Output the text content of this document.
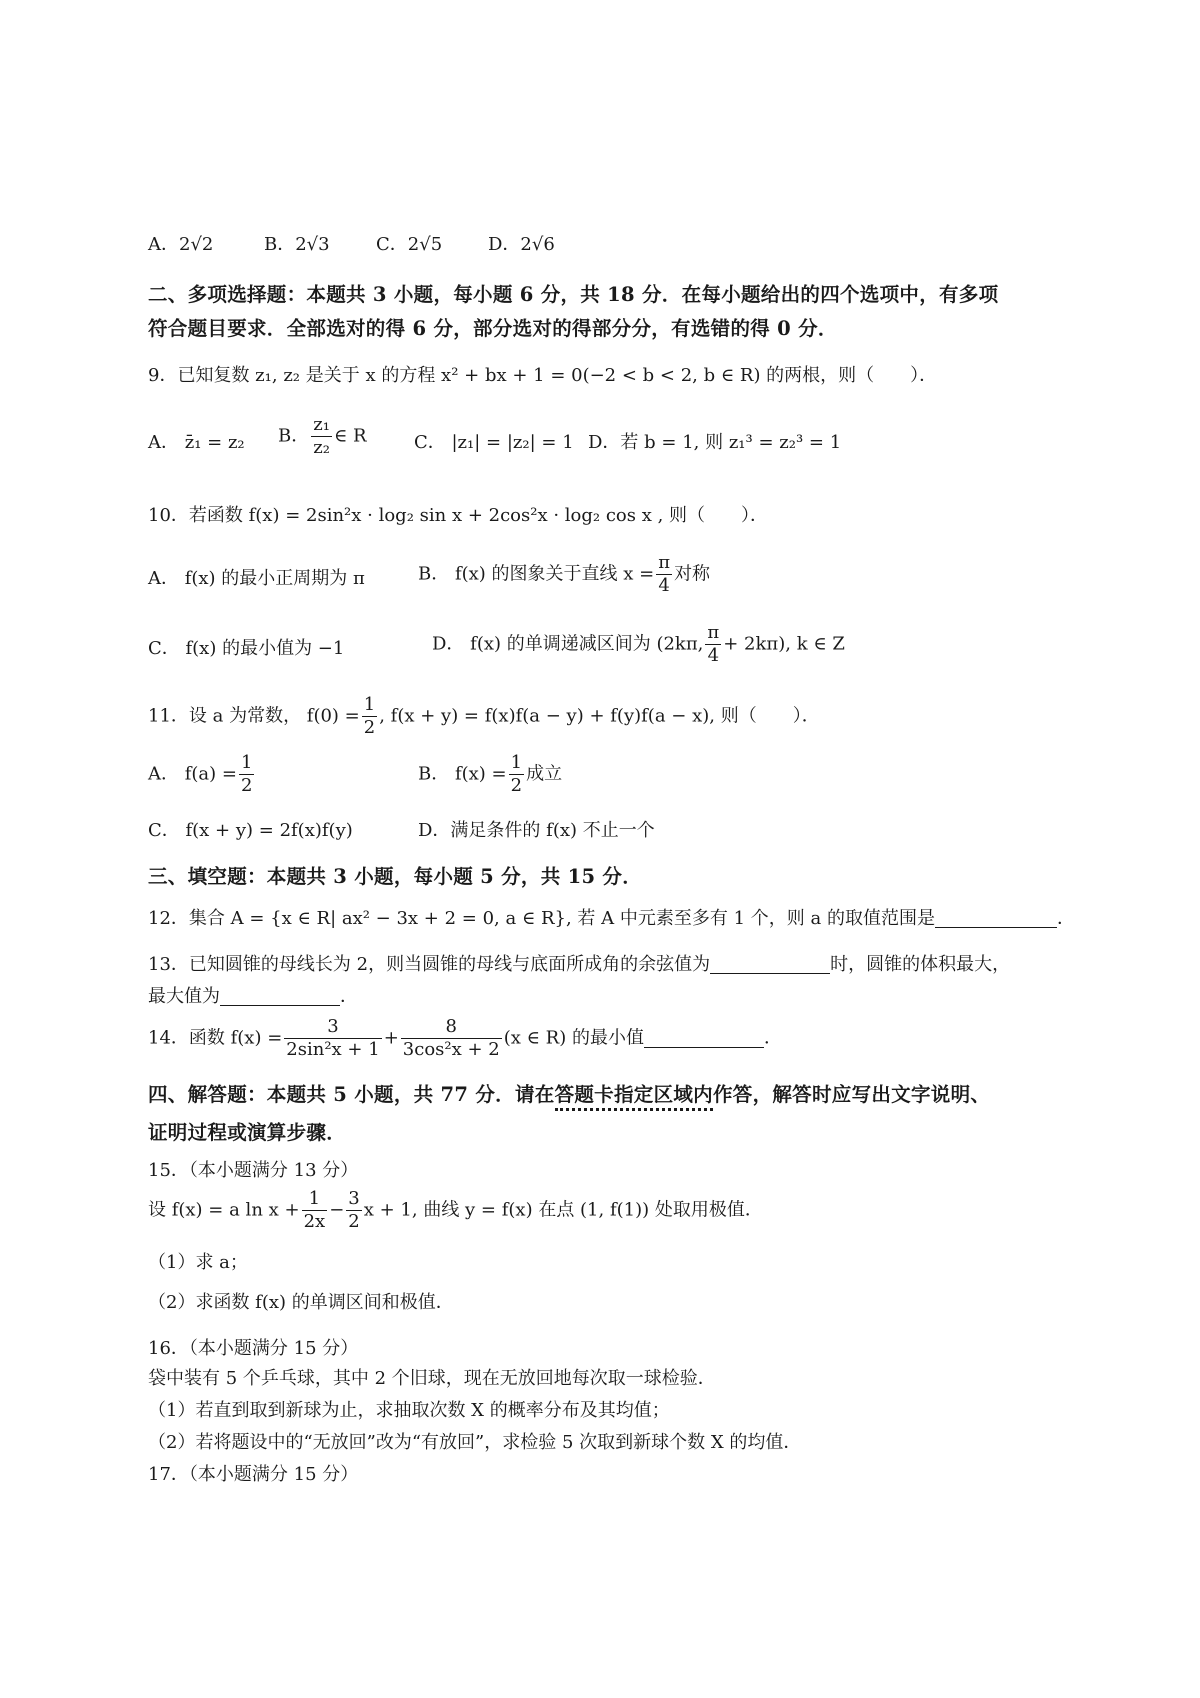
A．2√2	B．2√3	C．2√5	D．2√6
二、多项选择题：本题共 3 小题，每小题 6 分，共 18 分．在每小题给出的四个选项中，有多项
符合题目要求．全部选对的得 6 分，部分选对的得部分分，有选错的得 0 分．
9．已知复数 z₁, z₂ 是关于 x 的方程 x² + bx + 1 = 0(−2 < b < 2, b ∈ R) 的两根，则（　　）．
A． z̄₁ = z₂ B． $\frac{\text{z₁}}{\text{z₂}}$ ∈ R	C． |z₁| = |z₂| = 1 D．若 b = 1, 则 z₁³ = z₂³ = 1
10．若函数 f(x) = 2sin²x · log₂ sin x + 2cos²x · log₂ cos x , 则（　　）．
A． f(x) 的最小正周期为 π	B． f(x) 的图象关于直线 $x = \frac{\pi}{4}$ 对称
C． f(x) 的最小值为 −1	D． f(x) 的单调递减区间为 (2kπ, $\frac{\pi}{4} + 2k\pi$), k ∈ Z
11．设 a 为常数， $f(0) = \frac{1}{2}$ , f(x + y) = f(x)f(a − y) + f(y)f(a − x), 则（　　）．
A． $f(a) = \frac{1}{2}$	B． $f(x) = \frac{1}{2}$ 成立
C． f(x + y) = 2f(x)f(y)	D．满足条件的 f(x) 不止一个
三、填空题：本题共 3 小题，每小题 5 分，共 15 分．
12．集合 A = {x ∈ R| ax² − 3x + 2 = 0, a ∈ R}, 若 A 中元素至多有 1 个，则 a 的取值范围是	．
13．已知圆锥的母线长为 2，则当圆锥的母线与底面所成角的余弦值为	时，圆锥的体积最大，
最大值为	．
14．函数 $f(x) = \frac{3}{\text{2sin²x + 1}} + \frac{8}{\text{3cos²x + 2}} (x$ ∈ R) 的最小值	．
四、解答题：本题共 5 小题，共 77 分．请在答题卡指定区域内作答，解答时应写出文字说明、
证明过程或演算步骤．
15．（本小题满分 13 分）
设 f(x) = a $\ln x + \frac{1}{2x} - \frac{3}{2}$ x + 1, 曲线 y = f(x) 在点 (1, f(1)) 处取用极值．
（1）求 a；
（2）求函数 f(x) 的单调区间和极值．
16．（本小题满分 15 分）
袋中装有 5 个乒乓球，其中 2 个旧球，现在无放回地每次取一球检验．
（1）若直到取到新球为止，求抽取次数 X 的概率分布及其均值；
（2）若将题设中的“无放回”改为“有放回”，求检验 5 次取到新球个数 X 的均值．
17．（本小题满分 15 分）
